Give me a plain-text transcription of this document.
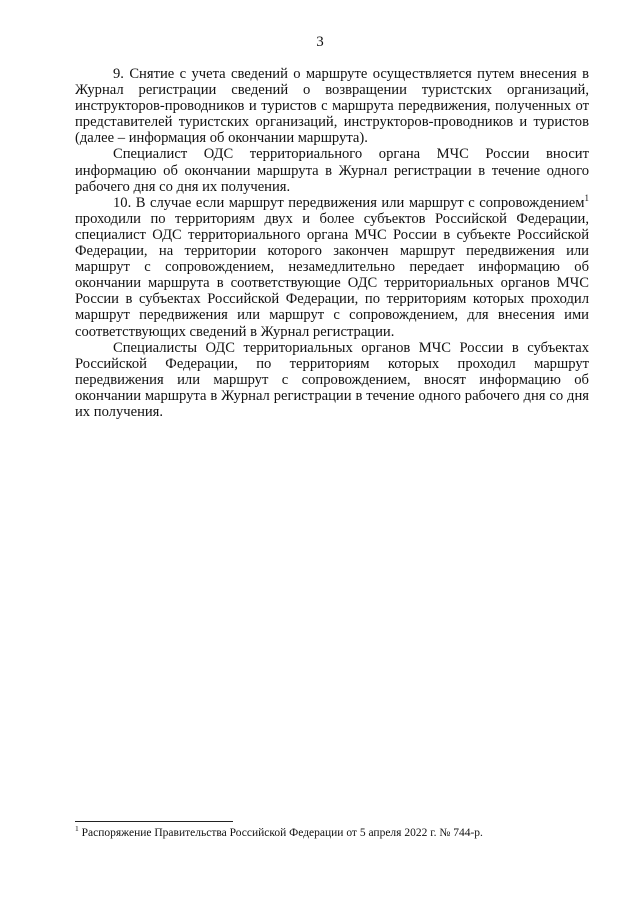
3

9. Снятие с учета сведений о маршруте осуществляется путем внесения в Журнал регистрации сведений о возвращении туристских организаций, инструкторов-проводников и туристов с маршрута передвижения, полученных от представителей туристских организаций, инструкторов-проводников и туристов (далее – информация об окончании маршрута).

Специалист ОДС территориального органа МЧС России вносит информацию об окончании маршрута в Журнал регистрации в течение одного рабочего дня со дня их получения.

10. В случае если маршрут передвижения или маршрут с сопровождением$^1$ проходили по территориям двух и более субъектов Российской Федерации, специалист ОДС территориального органа МЧС России в субъекте Российской Федерации, на территории которого закончен маршрут передвижения или маршрут с сопровождением, незамедлительно передает информацию об окончании маршрута в соответствующие ОДС территориальных органов МЧС России в субъектах Российской Федерации, по территориям которых проходил маршрут передвижения или маршрут с сопровождением, для внесения ими соответствующих сведений в Журнал регистрации.

Специалисты ОДС территориальных органов МЧС России в субъектах Российской Федерации, по территориям которых проходил маршрут передвижения или маршрут с сопровождением, вносят информацию об окончании маршрута в Журнал регистрации в течение одного рабочего дня со дня их получения.

$^1$ Распоряжение Правительства Российской Федерации от 5 апреля 2022 г. № 744-р.
